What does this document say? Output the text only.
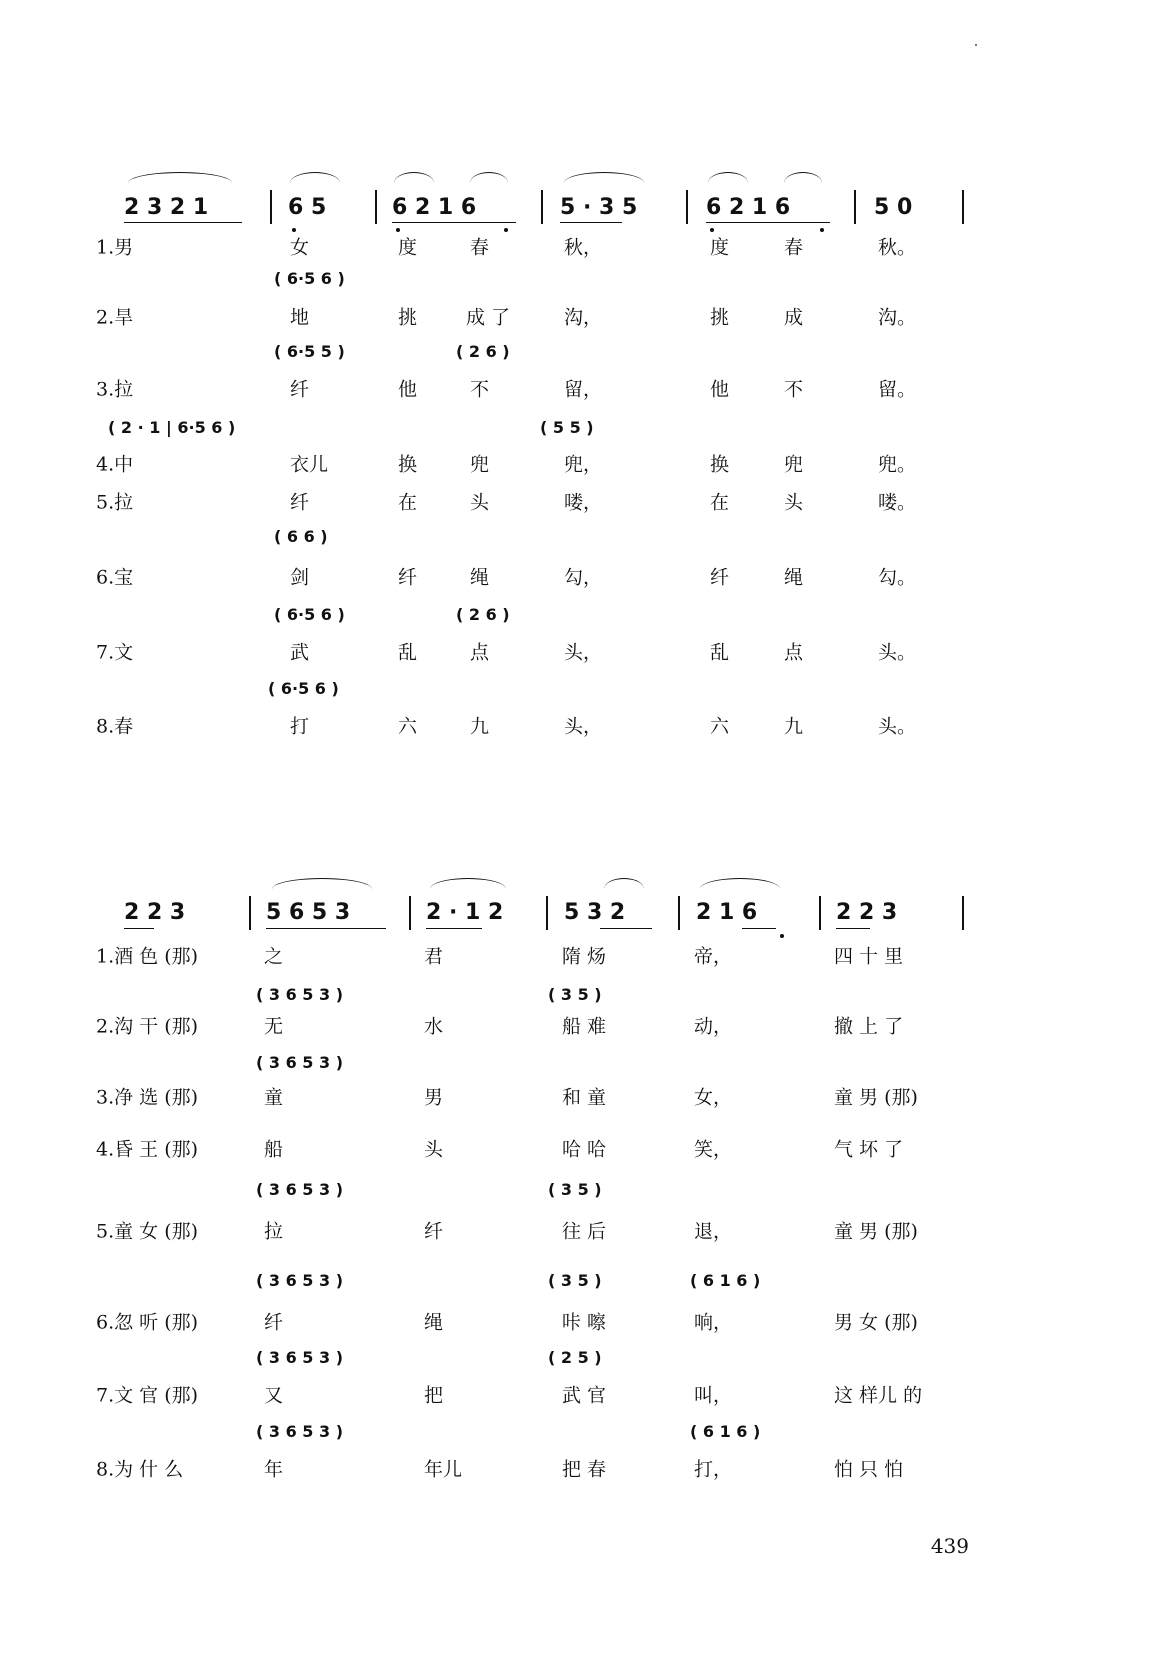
2 3 2 1	6 5	6 2 1 6	5 · 3 5	6 2 1 6	5 0
1.男	女	度	春	秋，	度	春	秋。
( 6·5 6 )
2.旱	地	挑	成 了	沟，	挑	成	沟。
( 6·5 5 )	( 2 6 )
3.拉	纤	他	不	留，	他	不	留。
( 2 · 1 | 6·5 6 )	( 5 5 )
4.中	衣儿	换	兜	兜，	换	兜	兜。
5.拉	纤	在	头	喽，	在	头	喽。
( 6 6 )
6.宝	剑	纤	绳	勾，	纤	绳	勾。
( 6·5 6 )	( 2 6 )
7.文	武	乱	点	头，	乱	点	头。
( 6·5 6 )
8.春	打	六	九	头，	六	九	头。
2 2 3	5 6 5 3	2 · 1 2	5 3 2	2 1 6	2 2 3
1.酒 色 (那)	之	君	隋 炀	帝，	四 十 里
( 3 6 5 3 )	( 3 5 )
2.沟 干 (那)	无	水	船 难	动，	撤 上 了
( 3 6 5 3 )
3.净 选 (那)	童	男	和 童	女，	童 男 (那)
4.昏 王 (那)	船	头	哈 哈	笑，	气 坏 了
( 3 6 5 3 )	( 3 5 )
5.童 女 (那)	拉	纤	往 后	退，	童 男 (那)
( 3 6 5 3 )	( 3 5 )	( 6 1 6 )
6.忽 听 (那)	纤	绳	咔 嚓	响，	男 女 (那)
( 3 6 5 3 )	( 2 5 )
7.文 官 (那)	又	把	武 官	叫，	这 样儿 的
( 3 6 5 3 )	( 6 1 6 )
8.为 什 么	年	年儿	把 春	打，	怕 只 怕
439
